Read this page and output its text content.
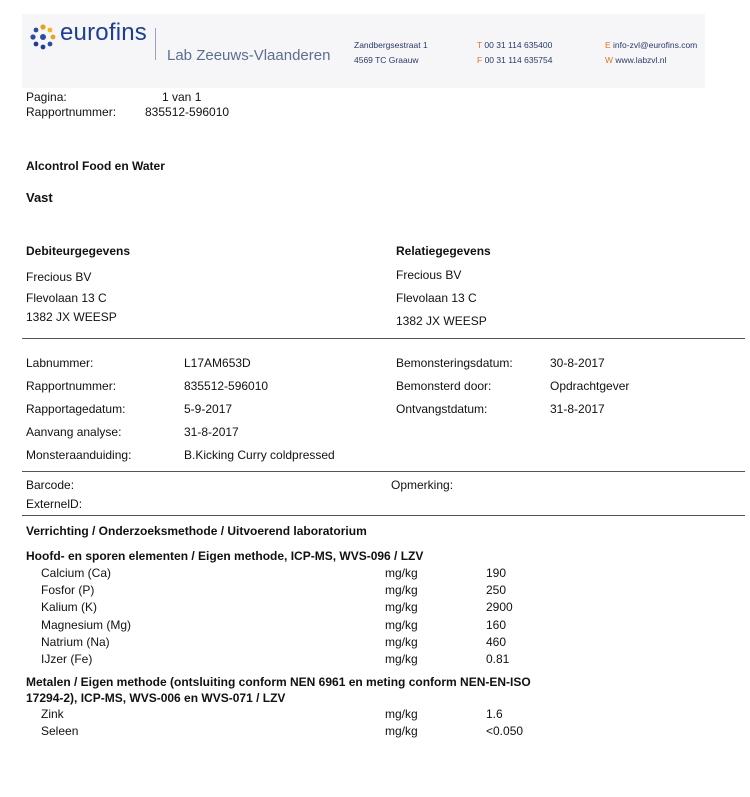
eurofins
Lab Zeeuws-Vlaanderen
Zandbergsestraat 1
4569 TC Graauw
T 00 31 114 635400
F 00 31 114 635754
E info-zvl@eurofins.com
W www.labzvl.nl
Pagina:	1 van 1
Rapportnummer: 835512-596010
Alcontrol Food en Water
Vast
Debiteurgegevens
Frecious BV
Flevolaan 13 C
1382 JX WEESP
Relatiegegevens
Frecious BV
Flevolaan 13 C
1382 JX WEESP
Labnummer:	L17AM653D
Rapportnummer:	835512-596010
Rapportagedatum:	5-9-2017
Aanvang analyse:	31-8-2017
Monsteraanduiding:	B.Kicking Curry coldpressed
Bemonsteringsdatum:	30-8-2017
Bemonsterd door:	Opdrachtgever
Ontvangstdatum:	31-8-2017
Barcode:
ExternelD:
Opmerking:
Verrichting / Onderzoeksmethode / Uitvoerend laboratorium
Hoofd- en sporen elementen / Eigen methode, ICP-MS, WVS-096 / LZV
Calcium (Ca)	mg/kg	190
Fosfor (P)	mg/kg	250
Kalium (K)	mg/kg	2900
Magnesium (Mg)	mg/kg	160
Natrium (Na)	mg/kg	460
IJzer (Fe)	mg/kg	0.81
Metalen / Eigen methode (ontsluiting conform NEN 6961 en meting conform NEN-EN-ISO
17294-2), ICP-MS, WVS-006 en WVS-071 / LZV
Zink	mg/kg	1.6
Seleen	mg/kg	<0.050
